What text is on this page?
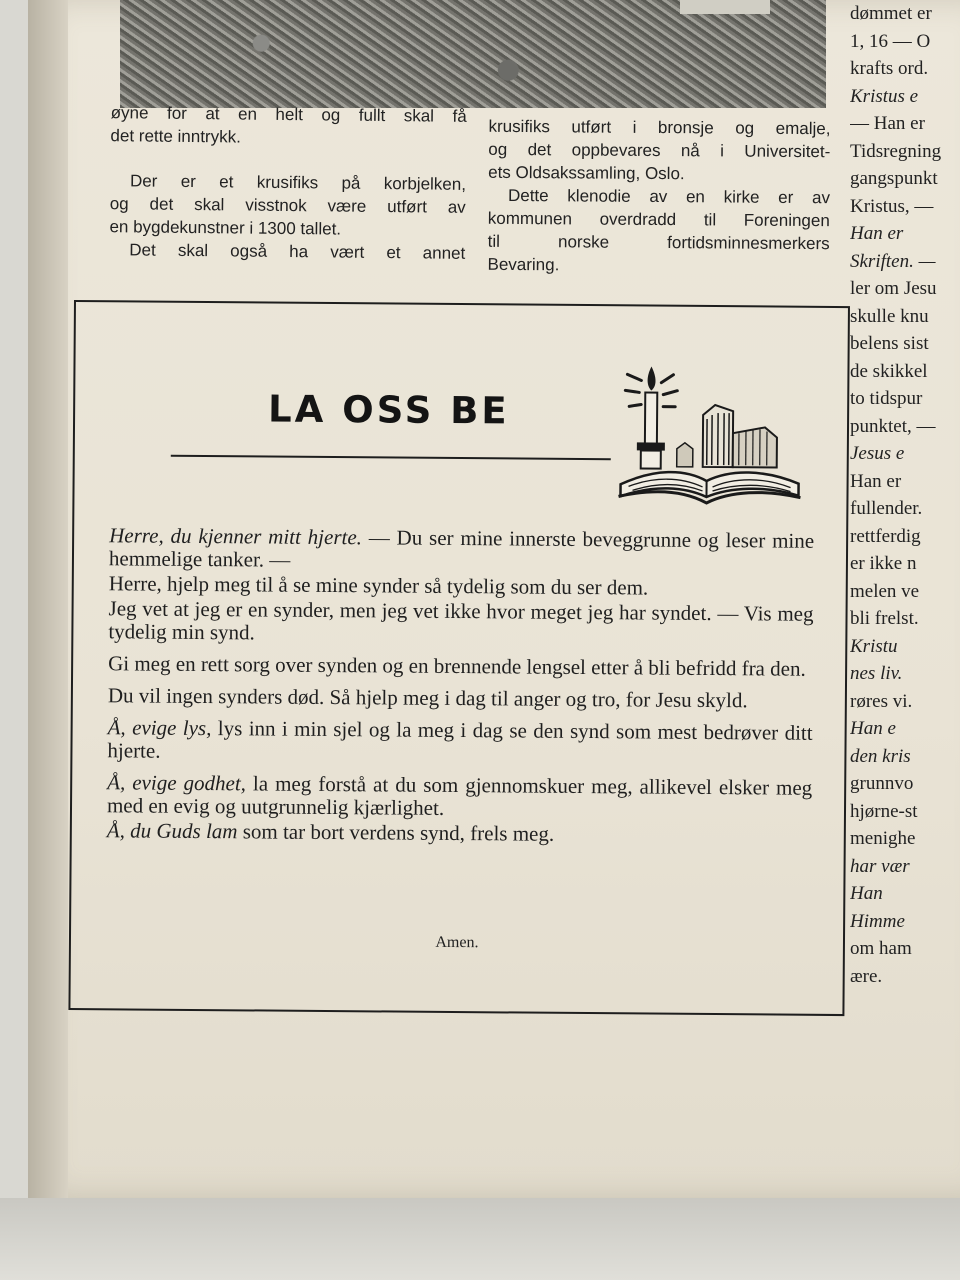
øyne for at en helt og fullt skal få

det rette inntrykk.

Der er et krusifiks på korbjelken,

og det skal visstnok være utført av

en bygdekunstner i 1300 tallet.

Det skal også ha vært et annet

krusifiks utført i bronsje og emalje,

og det oppbevares nå i Universitet-

ets Oldsakssamling, Oslo.

Dette klenodie av en kirke er av

kommunen overdradd til Foreningen

til norske fortidsminnesmerkers

Bevaring.

dømmet er
1, 16 — O
krafts ord.
Kristus e
— Han er
Tidsregning
gangspunkt
Kristus, —
Han er
Skriften. —
ler om Jesu
skulle knu
belens sist
de skikkel
to tidspur
punktet, —
Jesus e
Han er
fullender.
rettferdig
er ikke n
melen ve
bli frelst.
Kristu
nes liv.
røres vi.
Han e
den kris
grunnvo
hjørne-st
menighe
har vær
Han
Himme
om ham
ære.
LA OSS BE

Herre, du kjenner mitt hjerte. — Du ser mine innerste beveggrunne og leser mine hemmelige tanker. —

Herre, hjelp meg til å se mine synder så tydelig som du ser dem.

Jeg vet at jeg er en synder, men jeg vet ikke hvor meget jeg har syndet. — Vis meg tydelig min synd.

Gi meg en rett sorg over synden og en brennende lengsel etter å bli befridd fra den.

Du vil ingen synders død. Så hjelp meg i dag til anger og tro, for Jesu skyld.

Å, evige lys, lys inn i min sjel og la meg i dag se den synd som mest bedrøver ditt hjerte.

Å, evige godhet, la meg forstå at du som gjennomskuer meg, allikevel elsker meg med en evig og uutgrunnelig kjærlighet.

Å, du Guds lam som tar bort verdens synd, frels meg.

Amen.
